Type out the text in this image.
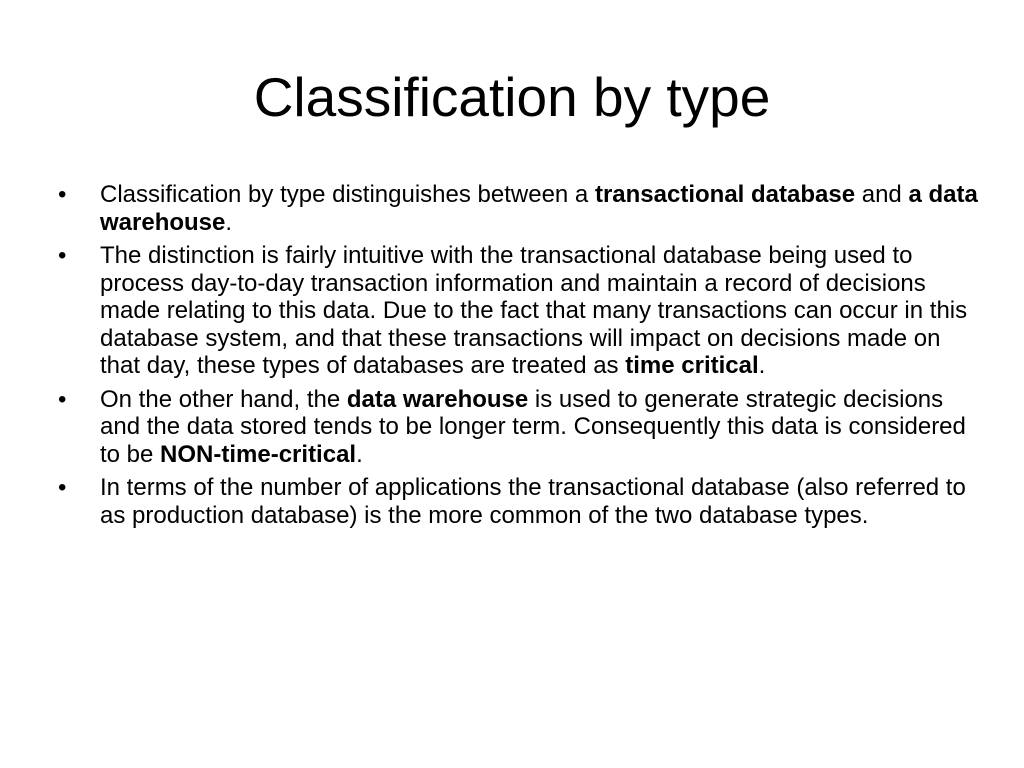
Classification by type
•	Classification by type distinguishes between a transactional database and a data warehouse.
•	The distinction is fairly intuitive with the transactional database being used to process day-to-day transaction information and maintain a record of decisions made relating to this data. Due to the fact that many transactions can occur in this database system, and that these transactions will impact on decisions made on that day, these types of databases are treated as time critical.
•	On the other hand, the data warehouse is used to generate strategic decisions and the data stored tends to be longer term. Consequently this data is considered to be NON-time-critical.
•	In terms of the number of applications the transactional database (also referred to as production database) is the more common of the two database types.
